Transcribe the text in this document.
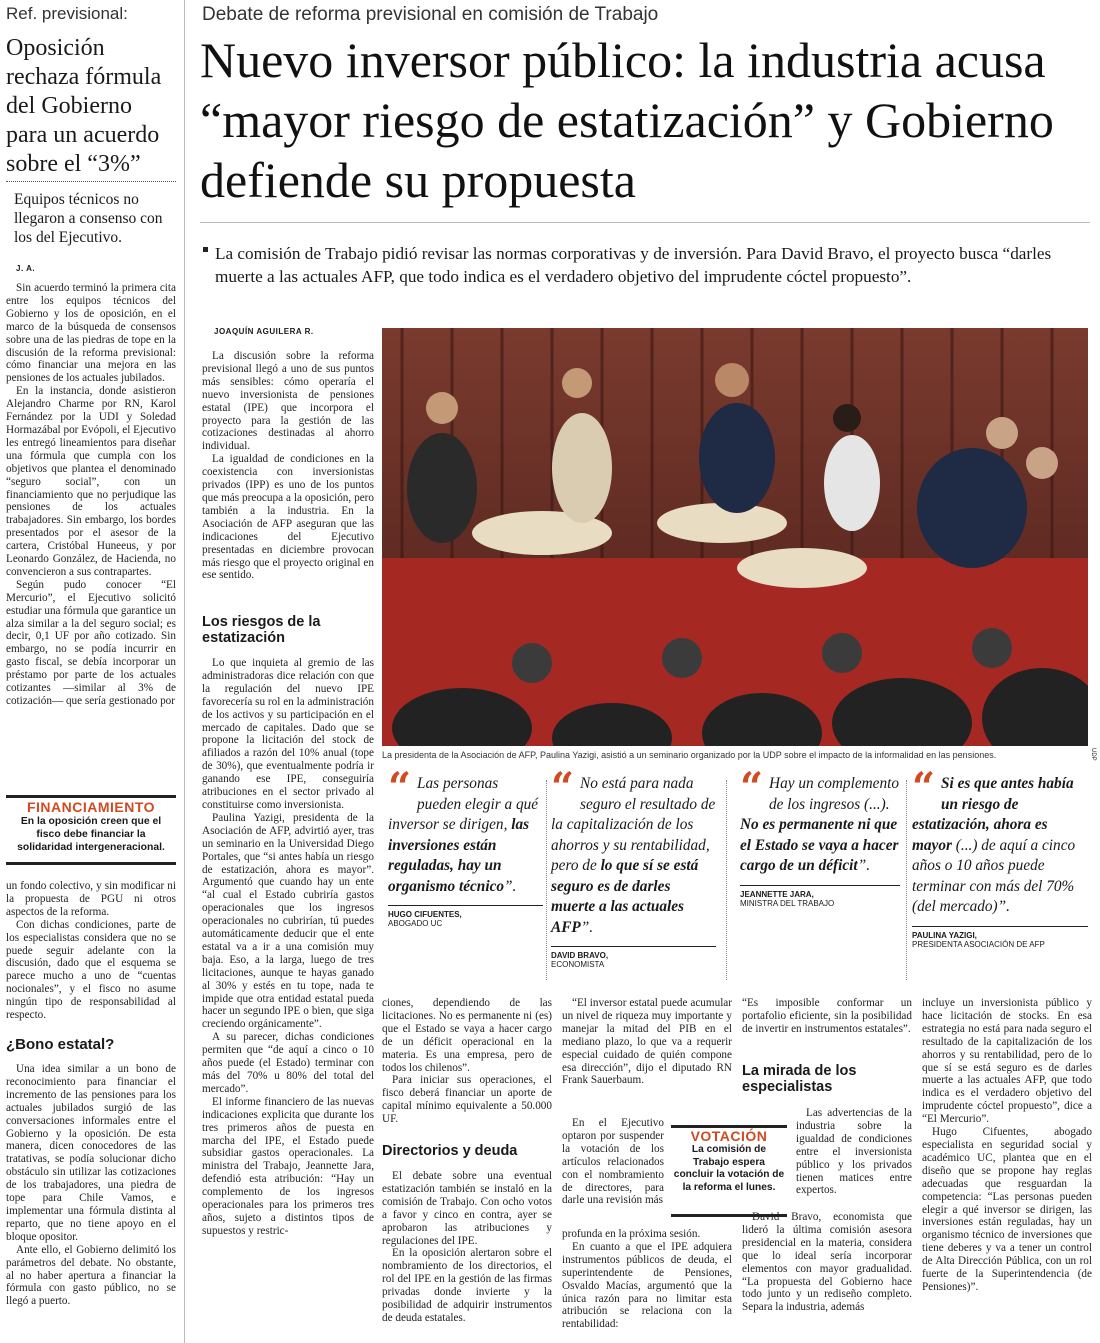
Ref. previsional:
Oposición rechaza fórmula del Gobierno para un acuerdo sobre el “3%”
Equipos técnicos no llegaron a consenso con los del Ejecutivo.
J. A.

Sin acuerdo terminó la primera cita entre los equipos técnicos del Gobierno y los de oposición, en el marco de la búsqueda de consensos sobre una de las piedras de tope en la discusión de la reforma previsional: cómo financiar una mejora en las pensiones de los actuales jubilados.

En la instancia, donde asistieron Alejandro Charme por RN, Karol Fernández por la UDI y Soledad Hormazábal por Evópoli, el Ejecutivo les entregó lineamientos para diseñar una fórmula que cumpla con los objetivos que plantea el denominado “seguro social”, con un financiamiento que no perjudique las pensiones de los actuales trabajadores. Sin embargo, los bordes presentados por el asesor de la cartera, Cristóbal Huneeus, y por Leonardo González, de Hacienda, no convencieron a sus contrapartes.

Según pudo conocer “El Mercurio”, el Ejecutivo solicitó estudiar una fórmula que garantice un alza similar a la del seguro social; es decir, 0,1 UF por año cotizado. Sin embargo, no se podía incurrir en gasto fiscal, se debía incorporar un préstamo por parte de los actuales cotizantes —similar al 3% de cotización— que sería gestionado por

FINANCIAMIENTO
En la oposición creen que el fisco debe financiar la solidaridad intergeneracional.

un fondo colectivo, y sin modificar ni la propuesta de PGU ni otros aspectos de la reforma.

Con dichas condiciones, parte de los especialistas considera que no se puede seguir adelante con la discusión, dado que el esquema se parece mucho a uno de “cuentas nocionales”, y el fisco no asume ningún tipo de responsabilidad al respecto.

¿Bono estatal?

Una idea similar a un bono de reconocimiento para financiar el incremento de las pensiones para los actuales jubilados surgió de las conversaciones informales entre el Gobierno y la oposición. De esta manera, dicen conocedores de las tratativas, se podía solucionar dicho obstáculo sin utilizar las cotizaciones de los trabajadores, una piedra de tope para Chile Vamos, e implementar una fórmula distinta al reparto, que no tiene apoyo en el bloque opositor.

Ante ello, el Gobierno delimitó los parámetros del debate. No obstante, al no haber apertura a financiar la fórmula con gasto público, no se llegó a puerto.

Debate de reforma previsional en comisión de Trabajo
Nuevo inversor público: la industria acusa “mayor riesgo de estatización” y Gobierno defiende su propuesta
La comisión de Trabajo pidió revisar las normas corporativas y de inversión. Para David Bravo, el proyecto busca “darles muerte a las actuales AFP, que todo indica es el verdadero objetivo del imprudente cóctel propuesto”.
JOAQUÍN AGUILERA R.

La discusión sobre la reforma previsional llegó a uno de sus puntos más sensibles: cómo operaría el nuevo inversionista de pensiones estatal (IPE) que incorpora el proyecto para la gestión de las cotizaciones destinadas al ahorro individual.

La igualdad de condiciones en la coexistencia con inversionistas privados (IPP) es uno de los puntos que más preocupa a la oposición, pero también a la industria. En la Asociación de AFP aseguran que las indicaciones del Ejecutivo presentadas en diciembre provocan más riesgo que el proyecto original en ese sentido.

Los riesgos de la estatización

Lo que inquieta al gremio de las administradoras dice relación con que la regulación del nuevo IPE favorecería su rol en la administración de los activos y su participación en el mercado de capitales. Dado que se propone la licitación del stock de afiliados a razón del 10% anual (tope de 30%), que eventualmente podría ir ganando ese IPE, conseguiría atribuciones en el sector privado al constituirse como inversionista.

Paulina Yazigi, presidenta de la Asociación de AFP, advirtió ayer, tras un seminario en la Universidad Diego Portales, que “si antes había un riesgo de estatización, ahora es mayor”. Argumentó que cuando hay un ente “al cual el Estado cubriría gastos operacionales que los ingresos operacionales no cubrirían, tú puedes automáticamente deducir que el ente estatal va a ir a una comisión muy baja. Eso, a la larga, luego de tres licitaciones, aunque te hayas ganado al 30% y estés en tu tope, nada te impide que otra entidad estatal pueda hacer un segundo IPE o bien, que siga creciendo orgánicamente”.

A su parecer, dichas condiciones permiten que “de aquí a cinco o 10 años puede (el Estado) terminar con más del 70% u 80% del total del mercado”.

El informe financiero de las nuevas indicaciones explicita que durante los tres primeros años de puesta en marcha del IPE, el Estado puede subsidiar gastos operacionales. La ministra del Trabajo, Jeannette Jara, defendió esta atribución: “Hay un complemento de los ingresos operacionales para los primeros tres años, sujeto a distintos tipos de supuestos y restric-

La presidenta de la Asociación de AFP, Paulina Yazigi, asistió a un seminario organizado por la UDP sobre el impacto de la informalidad en las pensiones.	UDP
“ Las personas pueden elegir a qué inversor se dirigen, las inversiones están reguladas, hay un organismo técnico”.
HUGO CIFUENTES,
ABOGADO UC
“ No está para nada seguro el resultado de la capitalización de los ahorros y su rentabilidad, pero de lo que sí se está seguro es de darles muerte a las actuales AFP”.
DAVID BRAVO,
ECONOMISTA
“ Hay un complemento de los ingresos (...). No es permanente ni que el Estado se vaya a hacer cargo de un déficit”.
JEANNETTE JARA,
MINISTRA DEL TRABAJO
“ Si es que antes había un riesgo de estatización, ahora es mayor (...) de aquí a cinco años o 10 años puede terminar con más del 70% (del mercado)”.
PAULINA YAZIGI,
PRESIDENTA ASOCIACIÓN DE AFP

ciones, dependiendo de las licitaciones. No es permanente ni (es) que el Estado se vaya a hacer cargo de un déficit operacional en la materia. Es una empresa, pero de todos los chilenos”.

Para iniciar sus operaciones, el fisco deberá financiar un aporte de capital mínimo equivalente a 50.000 UF.

Directorios y deuda

El debate sobre una eventual estatización también se instaló en la comisión de Trabajo. Con ocho votos a favor y cinco en contra, ayer se aprobaron las atribuciones y regulaciones del IPE.

En la oposición alertaron sobre el nombramiento de los directorios, el rol del IPE en la gestión de las firmas privadas donde invierte y la posibilidad de adquirir instrumentos de deuda estatales.

“El inversor estatal puede acumular un nivel de riqueza muy importante y manejar la mitad del PIB en el mediano plazo, lo que va a requerir especial cuidado de quién compone esa dirección”, dijo el diputado RN Frank Sauerbaum.

En el Ejecutivo optaron por suspender la votación de los artículos relacionados con el nombramiento de directores, para darle una revisión más

VOTACIÓN
La comisión de Trabajo espera concluir la votación de la reforma el lunes.

profunda en la próxima sesión.

En cuanto a que el IPE adquiera instrumentos públicos de deuda, el superintendente de Pensiones, Osvaldo Macías, argumentó que la única razón para no limitar esta atribución se relaciona con la rentabilidad:

“Es imposible conformar un portafolio eficiente, sin la posibilidad de invertir en instrumentos estatales”.

La mirada de los especialistas

Las advertencias de la industria sobre la igualdad de condiciones entre el inversionista público y los privados tienen matices entre expertos.

David Bravo, economista que lideró la última comisión asesora presidencial en la materia, considera que lo ideal sería incorporar elementos con mayor gradualidad. “La propuesta del Gobierno hace todo junto y un rediseño completo. Separa la industria, además

incluye un inversionista público y hace licitación de stocks. En esa estrategia no está para nada seguro el resultado de la capitalización de los ahorros y su rentabilidad, pero de lo que sí se está seguro es de darles muerte a las actuales AFP, que todo indica es el verdadero objetivo del imprudente cóctel propuesto”, dice a “El Mercurio”.

Hugo Cifuentes, abogado especialista en seguridad social y académico UC, plantea que en el diseño que se propone hay reglas adecuadas que resguardan la competencia: “Las personas pueden elegir a qué inversor se dirigen, las inversiones están reguladas, hay un organismo técnico de inversiones que tiene deberes y va a tener un control de Alta Dirección Pública, con un rol fuerte de la Superintendencia (de Pensiones)”.
